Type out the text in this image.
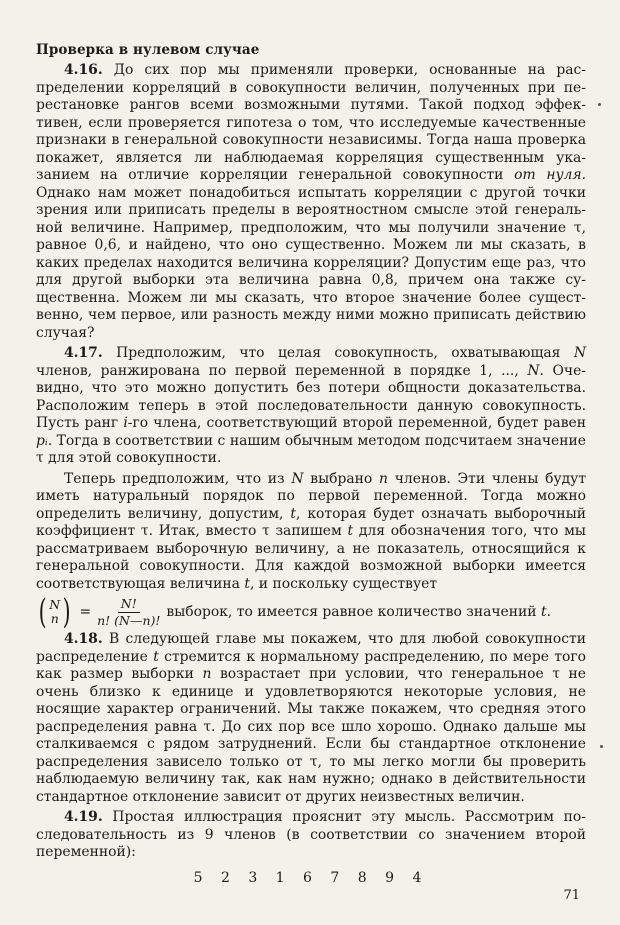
Проверка в нулевом случае

4.16. До сих пор мы применяли проверки, основанные на распределении корреляций в совокупности величин, полученных при перестановке рангов всеми возможными путями. Такой подход эффективен, если проверяется гипотеза о том, что исследуемые качественные признаки в генеральной совокупности независимы. Тогда наша проверка покажет, является ли наблюдаемая корреляция существенным указанием на отличие корреляции генеральной совокупности от нуля. Однако нам может понадобиться испытать корреляции с другой точки зрения или приписать пределы в вероятностном смысле этой генеральной величине. Например, предположим, что мы получили значение τ, равное 0,6, и найдено, что оно существенно. Можем ли мы сказать, в каких пределах находится величина корреляции? Допустим еще раз, что для другой выборки эта величина равна 0,8, причем она также существенна. Можем ли мы сказать, что второе значение более существенно, чем первое, или разность между ними можно приписать действию случая?

4.17. Предположим, что целая совокупность, охватывающая N членов, ранжирована по первой переменной в порядке 1, ..., N. Очевидно, что это можно допустить без потери общности доказательства. Расположим теперь в этой последовательности данную совокупность. Пусть ранг i-го члена, соответствующий второй переменной, будет равен pᵢ. Тогда в соответствии с нашим обычным методом подсчитаем значение τ для этой совокупности.

Теперь предположим, что из N выбрано n членов. Эти члены будут иметь натуральный порядок по первой переменной. Тогда можно определить величину, допустим, t, которая будет означать выборочный коэффициент τ. Итак, вместо τ запишем t для обозначения того, что мы рассматриваем выборочную величину, а не показатель, относящийся к генеральной совокупности. Для каждой возможной выборки имеется соответствующая величина t, и поскольку существует

( N
n ) = $\frac{N!}{n! (N—n)!}$ выборок, то имеется равное количество значений t.

4.18. В следующей главе мы покажем, что для любой совокупности распределение t стремится к нормальному распределению, по мере того как размер выборки n возрастает при условии, что генеральное τ не очень близко к единице и удовлетворяются некоторые условия, не носящие характер ограничений. Мы также покажем, что средняя этого распределения равна τ. До сих пор все шло хорошо. Однако дальше мы сталкиваемся с рядом затруднений. Если бы стандартное отклонение распределения зависело только от τ, то мы легко могли бы проверить наблюдаемую величину так, как нам нужно; однако в действительности стандартное отклонение зависит от других неизвестных величин.

4.19. Простая иллюстрация прояснит эту мысль. Рассмотрим последовательность из 9 членов (в соответствии со значением второй переменной):

5 2 3 1 6 7 8 9 4
71
